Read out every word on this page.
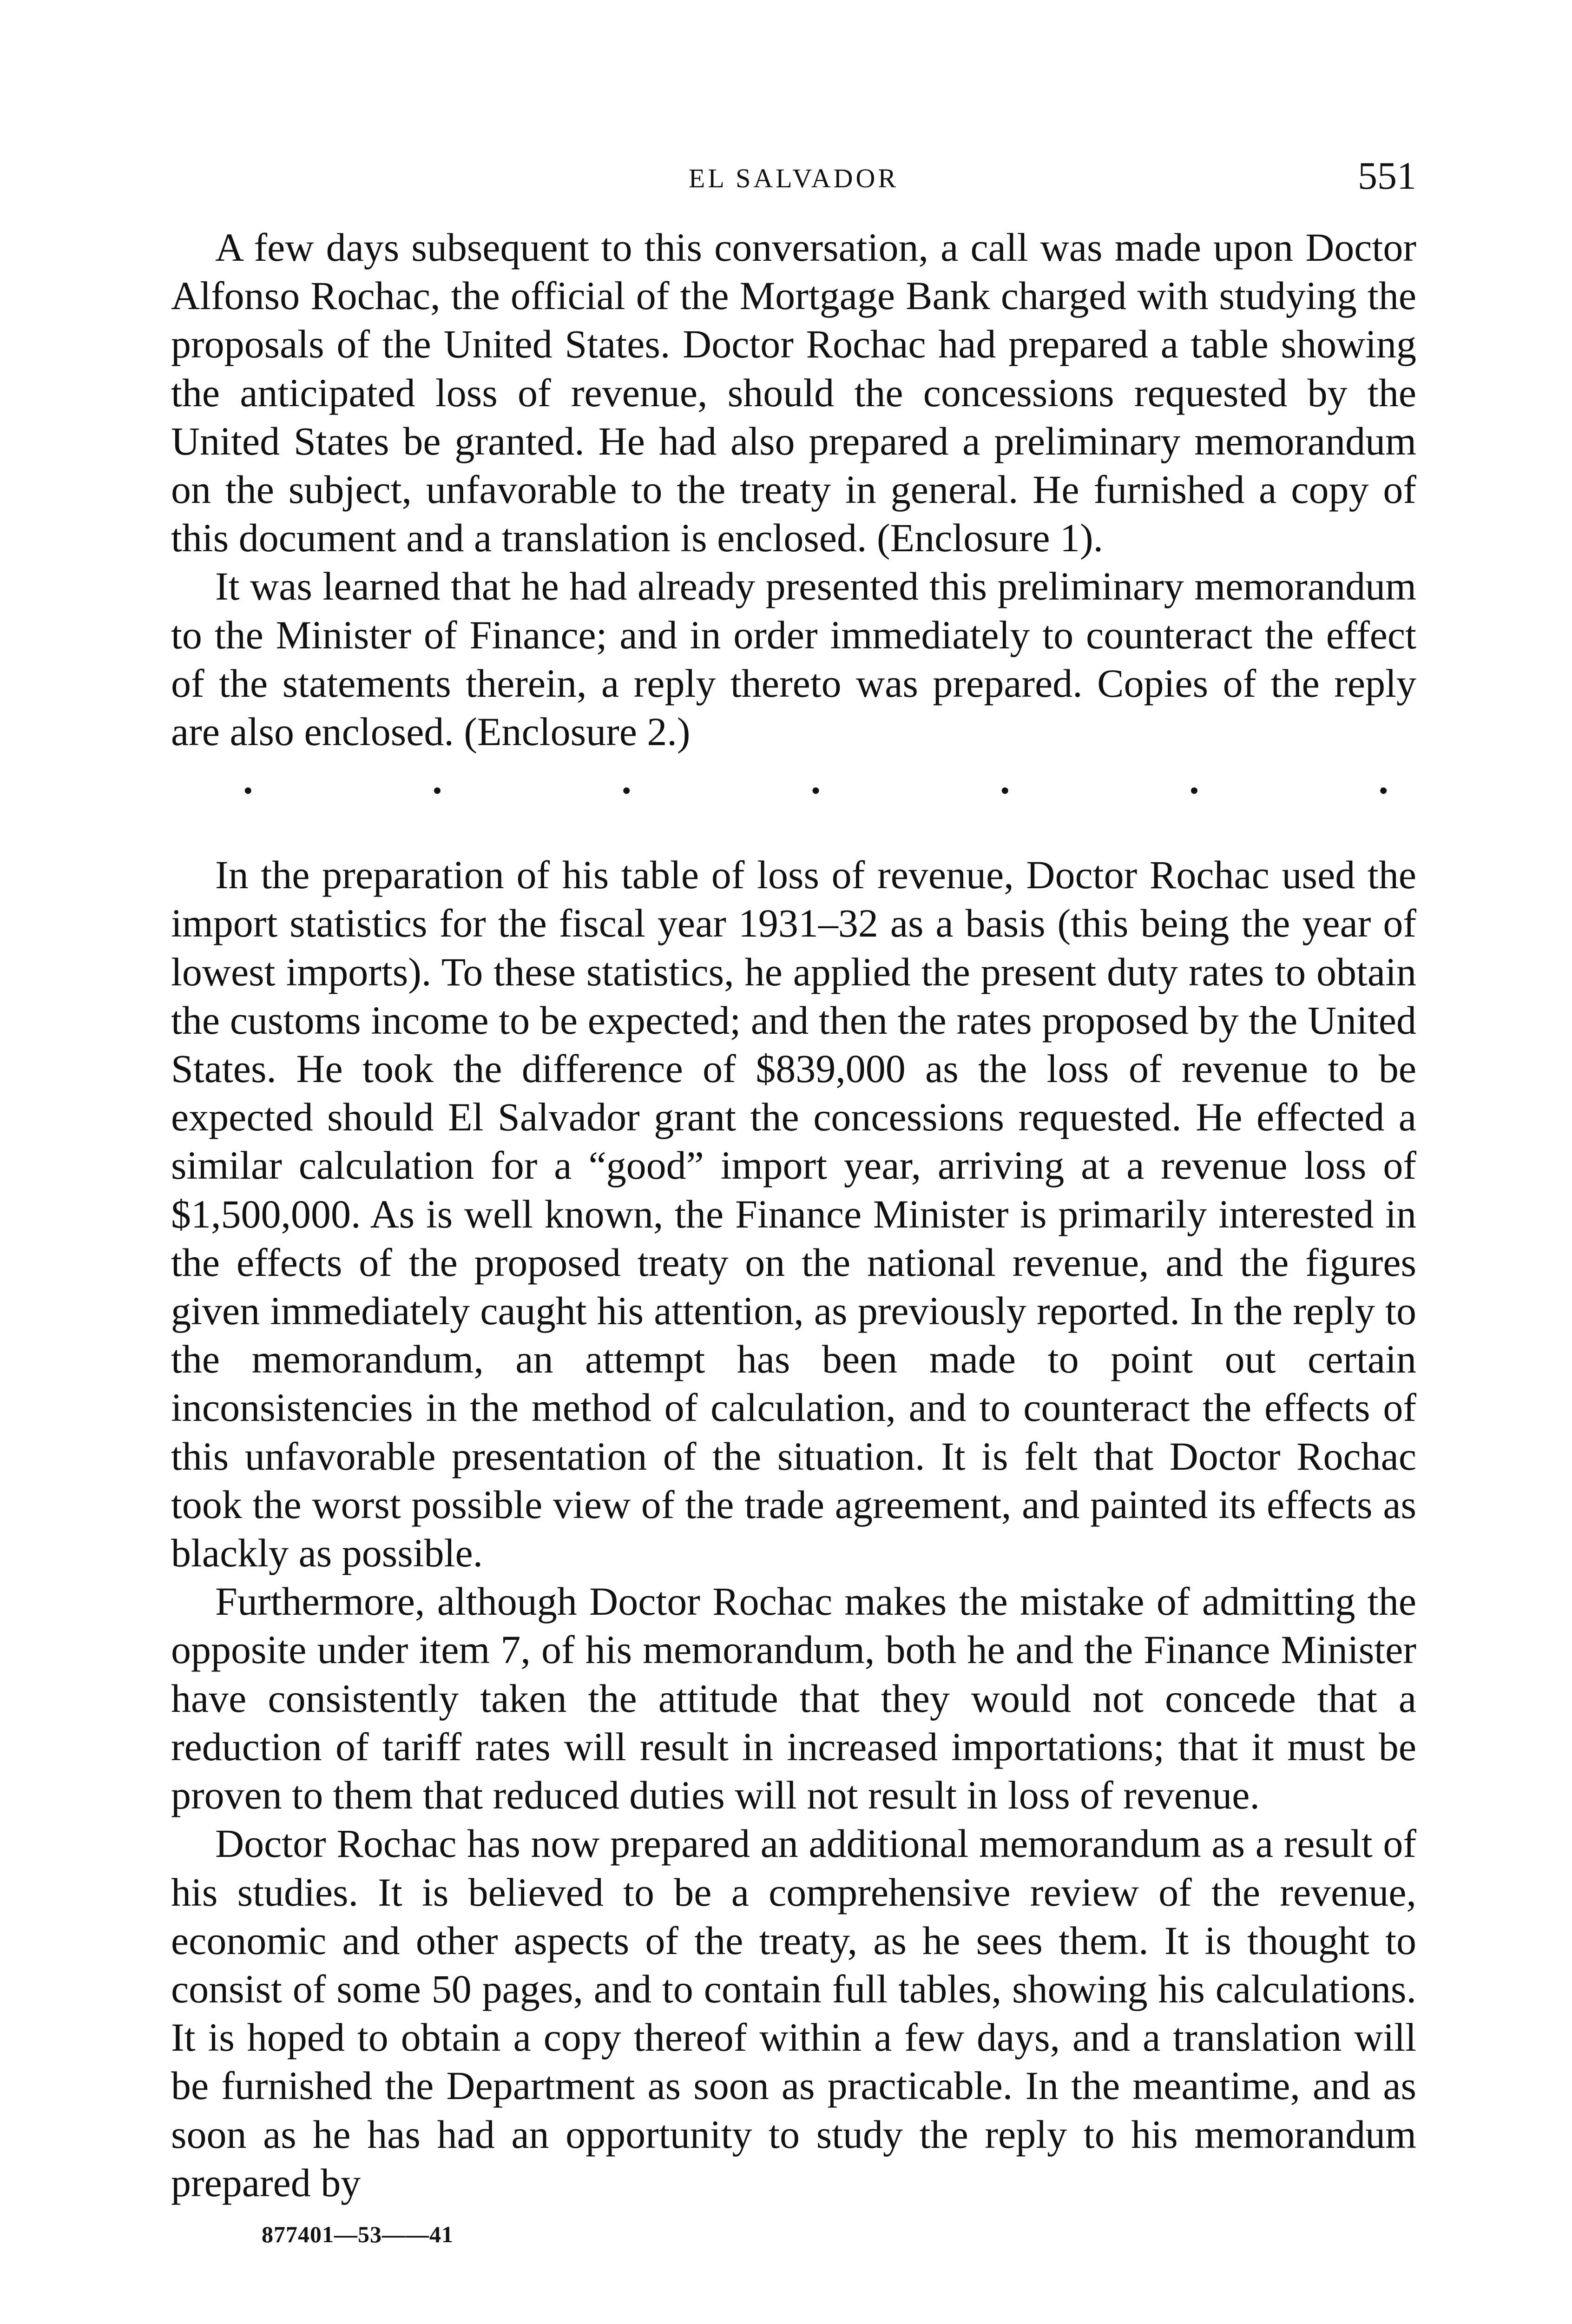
EL SALVADOR	551

A few days subsequent to this conversation, a call was made upon Doctor Alfonso Rochac, the official of the Mortgage Bank charged with studying the proposals of the United States. Doctor Rochac had prepared a table showing the anticipated loss of revenue, should the concessions requested by the United States be granted. He had also prepared a preliminary memorandum on the subject, unfavorable to the treaty in general. He furnished a copy of this document and a translation is enclosed. (Enclosure 1).

It was learned that he had already presented this preliminary memorandum to the Minister of Finance; and in order immediately to counteract the effect of the statements therein, a reply thereto was prepared. Copies of the reply are also enclosed. (Enclosure 2.)

.	.	.	.	.	.	.

In the preparation of his table of loss of revenue, Doctor Rochac used the import statistics for the fiscal year 1931–32 as a basis (this being the year of lowest imports). To these statistics, he applied the present duty rates to obtain the customs income to be expected; and then the rates proposed by the United States. He took the difference of $839,000 as the loss of revenue to be expected should El Salvador grant the concessions requested. He effected a similar calculation for a “good” import year, arriving at a revenue loss of $1,500,000. As is well known, the Finance Minister is primarily interested in the effects of the proposed treaty on the national revenue, and the figures given immediately caught his attention, as previously reported. In the reply to the memorandum, an attempt has been made to point out certain inconsistencies in the method of calculation, and to counteract the effects of this unfavorable presentation of the situation. It is felt that Doctor Rochac took the worst possible view of the trade agreement, and painted its effects as blackly as possible.

Furthermore, although Doctor Rochac makes the mistake of admitting the opposite under item 7, of his memorandum, both he and the Finance Minister have consistently taken the attitude that they would not concede that a reduction of tariff rates will result in increased importations; that it must be proven to them that reduced duties will not result in loss of revenue.

Doctor Rochac has now prepared an additional memorandum as a result of his studies. It is believed to be a comprehensive review of the revenue, economic and other aspects of the treaty, as he sees them. It is thought to consist of some 50 pages, and to contain full tables, showing his calculations. It is hoped to obtain a copy thereof within a few days, and a translation will be furnished the Department as soon as practicable. In the meantime, and as soon as he has had an opportunity to study the reply to his memorandum prepared by

877401—53——41
